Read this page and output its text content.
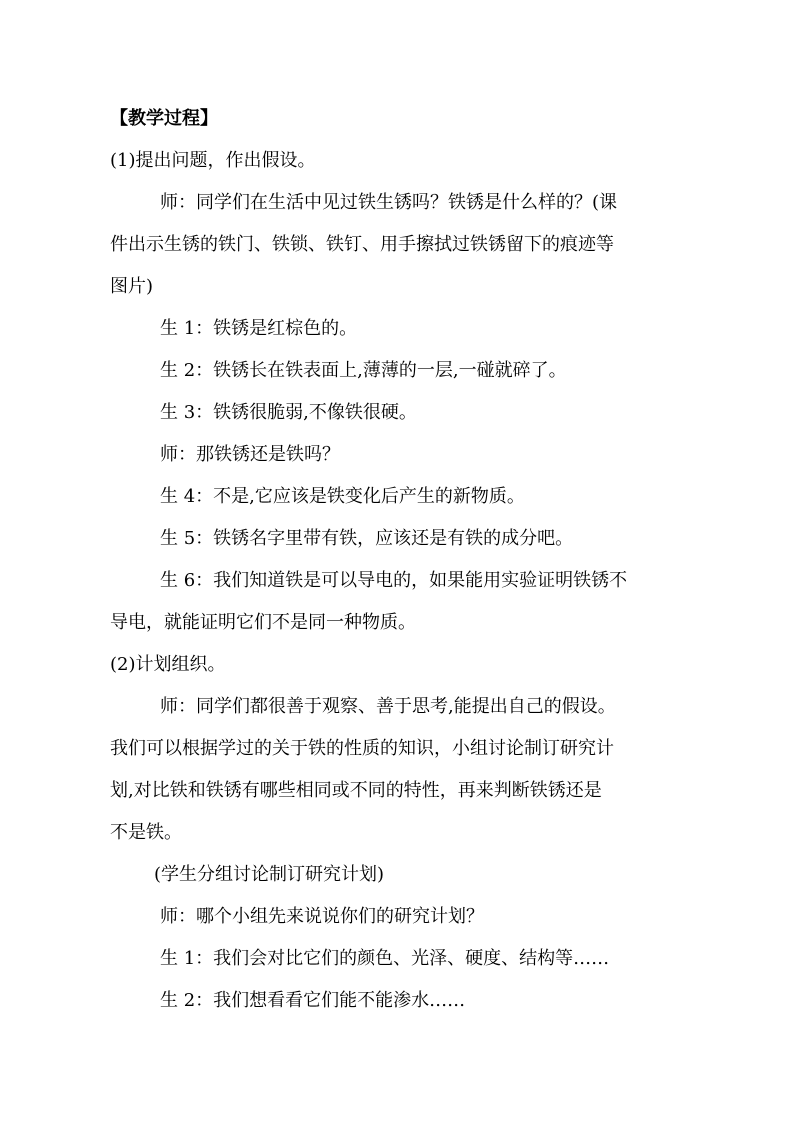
【教学过程】
(1)提出问题，作出假设。
师：同学们在生活中见过铁生锈吗？铁锈是什么样的？(课
件出示生锈的铁门、铁锁、铁钉、用手擦拭过铁锈留下的痕迹等
图片)
生 1：铁锈是红棕色的。
生 2：铁锈长在铁表面上,薄薄的一层,一碰就碎了。
生 3：铁锈很脆弱,不像铁很硬。
师：那铁锈还是铁吗？
生 4：不是,它应该是铁变化后产生的新物质。
生 5：铁锈名字里带有铁，应该还是有铁的成分吧。
生 6：我们知道铁是可以导电的，如果能用实验证明铁锈不
导电，就能证明它们不是同一种物质。
(2)计划组织。
师：同学们都很善于观察、善于思考,能提出自己的假设。
我们可以根据学过的关于铁的性质的知识，小组讨论制订研究计
划,对比铁和铁锈有哪些相同或不同的特性，再来判断铁锈还是
不是铁。
(学生分组讨论制订研究计划)
师：哪个小组先来说说你们的研究计划？
生 1：我们会对比它们的颜色、光泽、硬度、结构等……
生 2：我们想看看它们能不能渗水……
